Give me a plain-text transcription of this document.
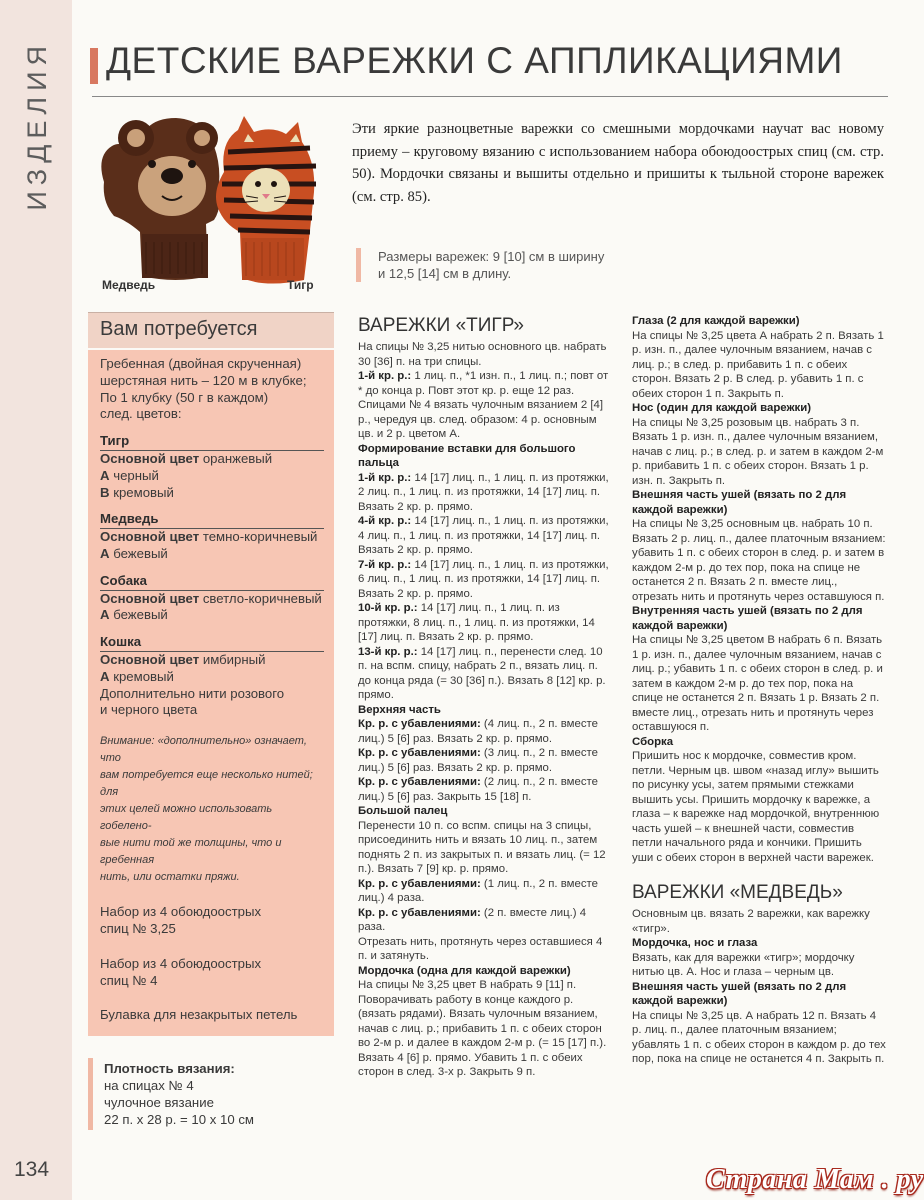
ИЗДЕЛИЯ ДЕТСКИЕ ВАРЕЖКИ С АППЛИКАЦИЯМИ
Медведь	Тигр
Эти яркие разноцветные варежки со смешными мордочками научат вас новому приему – круговому вязанию с использованием набора обоюдоострых спиц (см. стр. 50). Мордочки связаны и вышиты отдельно и пришиты к тыльной стороне варежек (см. стр. 85).
Размеры варежек: 9 [10] см в ширину
и 12,5 [14] см в длину.
Вам потребуется

Гребенная (двойная скрученная)

шерстяная нить – 120 м в клубке;

По 1 клубку (50 г в каждом)

след. цветов:

Тигр

Основной цвет оранжевый

А черный

В кремовый

Медведь

Основной цвет темно-коричневый

А бежевый

Собака

Основной цвет светло-коричневый

А бежевый

Кошка

Основной цвет имбирный

А кремовый

Дополнительно нити розового

и черного цвета

Внимание: «дополнительно» означает, что
вам потребуется еще несколько нитей; для
этих целей можно использовать гобелено-
вые нити той же толщины, что и гребенная
нить, или остатки пряжи.
Набор из 4 обоюдоострых
спиц № 3,25
Набор из 4 обоюдоострых
спиц № 4
Булавка для незакрытых петель

Плотность вязания:

на спицах № 4

чулочное вязание

22 п. х 28 р. = 10 х 10 см

ВАРЕЖКИ «ТИГР»

На спицы № 3,25 нитью основного цв. набрать 30 [36] п. на три спицы.

1-й кр. р.: 1 лиц. п., *1 изн. п., 1 лиц. п.; повт от * до конца р. Повт этот кр. р. еще 12 раз. Спицами № 4 вязать чулочным вязанием 2 [4] р., чередуя цв. след. образом: 4 р. основным цв. и 2 р. цветом А.

Формирование вставки для большого пальца

1-й кр. р.: 14 [17] лиц. п., 1 лиц. п. из протяжки, 2 лиц. п., 1 лиц. п. из протяжки, 14 [17] лиц. п. Вязать 2 кр. р. прямо.

4-й кр. р.: 14 [17] лиц. п., 1 лиц. п. из протяжки, 4 лиц. п., 1 лиц. п. из протяжки, 14 [17] лиц. п. Вязать 2 кр. р. прямо.

7-й кр. р.: 14 [17] лиц. п., 1 лиц. п. из протяжки, 6 лиц. п., 1 лиц. п. из протяжки, 14 [17] лиц. п. Вязать 2 кр. р. прямо.

10-й кр. р.: 14 [17] лиц. п., 1 лиц. п. из протяжки, 8 лиц. п., 1 лиц. п. из протяжки, 14 [17] лиц. п. Вязать 2 кр. р. прямо.

13-й кр. р.: 14 [17] лиц. п., перенести след. 10 п. на вспм. спицу, набрать 2 п., вязать лиц. п. до конца ряда (= 30 [36] п.). Вязать 8 [12] кр. р. прямо.

Верхняя часть

Кр. р. с убавлениями: (4 лиц. п., 2 п. вместе лиц.) 5 [6] раз. Вязать 2 кр. р. прямо.

Кр. р. с убавлениями: (3 лиц. п., 2 п. вместе лиц.) 5 [6] раз. Вязать 2 кр. р. прямо.

Кр. р. с убавлениями: (2 лиц. п., 2 п. вместе лиц.) 5 [6] раз. Закрыть 15 [18] п.

Большой палец

Перенести 10 п. со вспм. спицы на 3 спицы, присоединить нить и вязать 10 лиц. п., затем поднять 2 п. из закрытых п. и вязать лиц. (= 12 п.). Вязать 7 [9] кр. р. прямо.

Кр. р. с убавлениями: (1 лиц. п., 2 п. вместе лиц.) 4 раза.

Кр. р. с убавлениями: (2 п. вместе лиц.) 4 раза.

Отрезать нить, протянуть через оставшиеся 4 п. и затянуть.

Мордочка (одна для каждой варежки)

На спицы № 3,25 цвет В набрать 9 [11] п. Поворачивать работу в конце каждого р. (вязать рядами). Вязать чулочным вязанием, начав с лиц. р.; прибавить 1 п. с обеих сторон во 2-м р. и далее в каждом 2-м р. (= 15 [17] п.). Вязать 4 [6] р. прямо. Убавить 1 п. с обеих сторон в след. 3-х р. Закрыть 9 п.

Глаза (2 для каждой варежки)

На спицы № 3,25 цвета А набрать 2 п. Вязать 1 р. изн. п., далее чулочным вязанием, начав с лиц. р.; в след. р. прибавить 1 п. с обеих сторон. Вязать 2 р. В след. р. убавить 1 п. с обеих сторон 1 п. Закрыть п.

Нос (один для каждой варежки)

На спицы № 3,25 розовым цв. набрать 3 п. Вязать 1 р. изн. п., далее чулочным вязанием, начав с лиц. р.; в след. р. и затем в каждом 2-м р. прибавить 1 п. с обеих сторон. Вязать 1 р. изн. п. Закрыть п.

Внешняя часть ушей (вязать по 2 для каждой варежки)

На спицы № 3,25 основным цв. набрать 10 п. Вязать 2 р. лиц. п., далее платочным вязанием: убавить 1 п. с обеих сторон в след. р. и затем в каждом 2-м р. до тех пор, пока на спице не останется 2 п. Вязать 2 п. вместе лиц., отрезать нить и протянуть через оставшуюся п.

Внутренняя часть ушей (вязать по 2 для каждой варежки)

На спицы № 3,25 цветом В набрать 6 п. Вязать 1 р. изн. п., далее чулочным вязанием, начав с лиц. р.; убавить 1 п. с обеих сторон в след. р. и затем в каждом 2-м р. до тех пор, пока на спице не останется 2 п. Вязать 1 р. Вязать 2 п. вместе лиц., отрезать нить и протянуть через оставшуюся п.

Сборка

Пришить нос к мордочке, совместив кром. петли. Черным цв. швом «назад иглу» вышить по рисунку усы, затем прямыми стежками вышить усы. Пришить мордочку к варежке, а глаза – к варежке над мордочкой, внутреннюю часть ушей – к внешней части, совместив петли начального ряда и кончики. Пришить уши с обеих сторон в верхней части варежек.

ВАРЕЖКИ «МЕДВЕДЬ»

Основным цв. вязать 2 варежки, как варежку «тигр».

Мордочка, нос и глаза

Вязать, как для варежки «тигр»; мордочку нитью цв. А. Нос и глаза – черным цв.

Внешняя часть ушей (вязать по 2 для каждой варежки)

На спицы № 3,25 цв. А набрать 12 п. Вязать 4 р. лиц. п., далее платочным вязанием; убавлять 1 п. с обеих сторон в каждом р. до тех пор, пока на спице не останется 4 п. Закрыть п.

134	Страна Мам . ру
